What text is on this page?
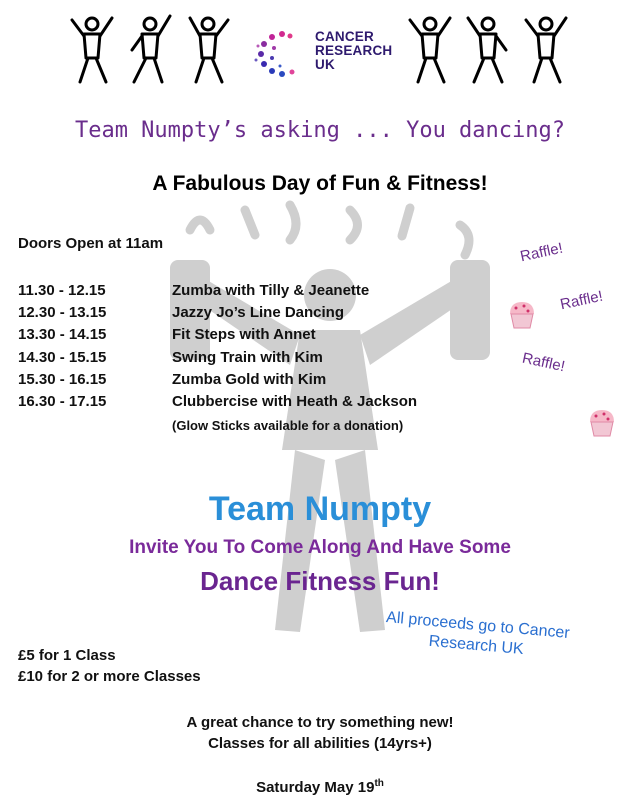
CANCER
RESEARCH
UK
Team Numpty’s asking ... You dancing?
A Fabulous Day of Fun & Fitness!
Doors Open at 11am
11.30 - 12.15	Zumba with Tilly & Jeanette
12.30 - 13.15	Jazzy Jo’s Line Dancing
13.30 - 14.15	Fit Steps with Annet
14.30 - 15.15	Swing Train with Kim
15.30 - 16.15	Zumba Gold with Kim
16.30 - 17.15	Clubbercise with Heath & Jackson
(Glow Sticks available for a donation)
Raffle!
Raffle!
Raffle!
Team Numpty
Invite You To Come Along And Have Some
Dance Fitness Fun!
All proceeds go to Cancer Research UK
£5 for 1 Class
£10 for 2 or more Classes
A great chance to try something new!
Classes for all abilities (14yrs+)
Saturday May 19th
